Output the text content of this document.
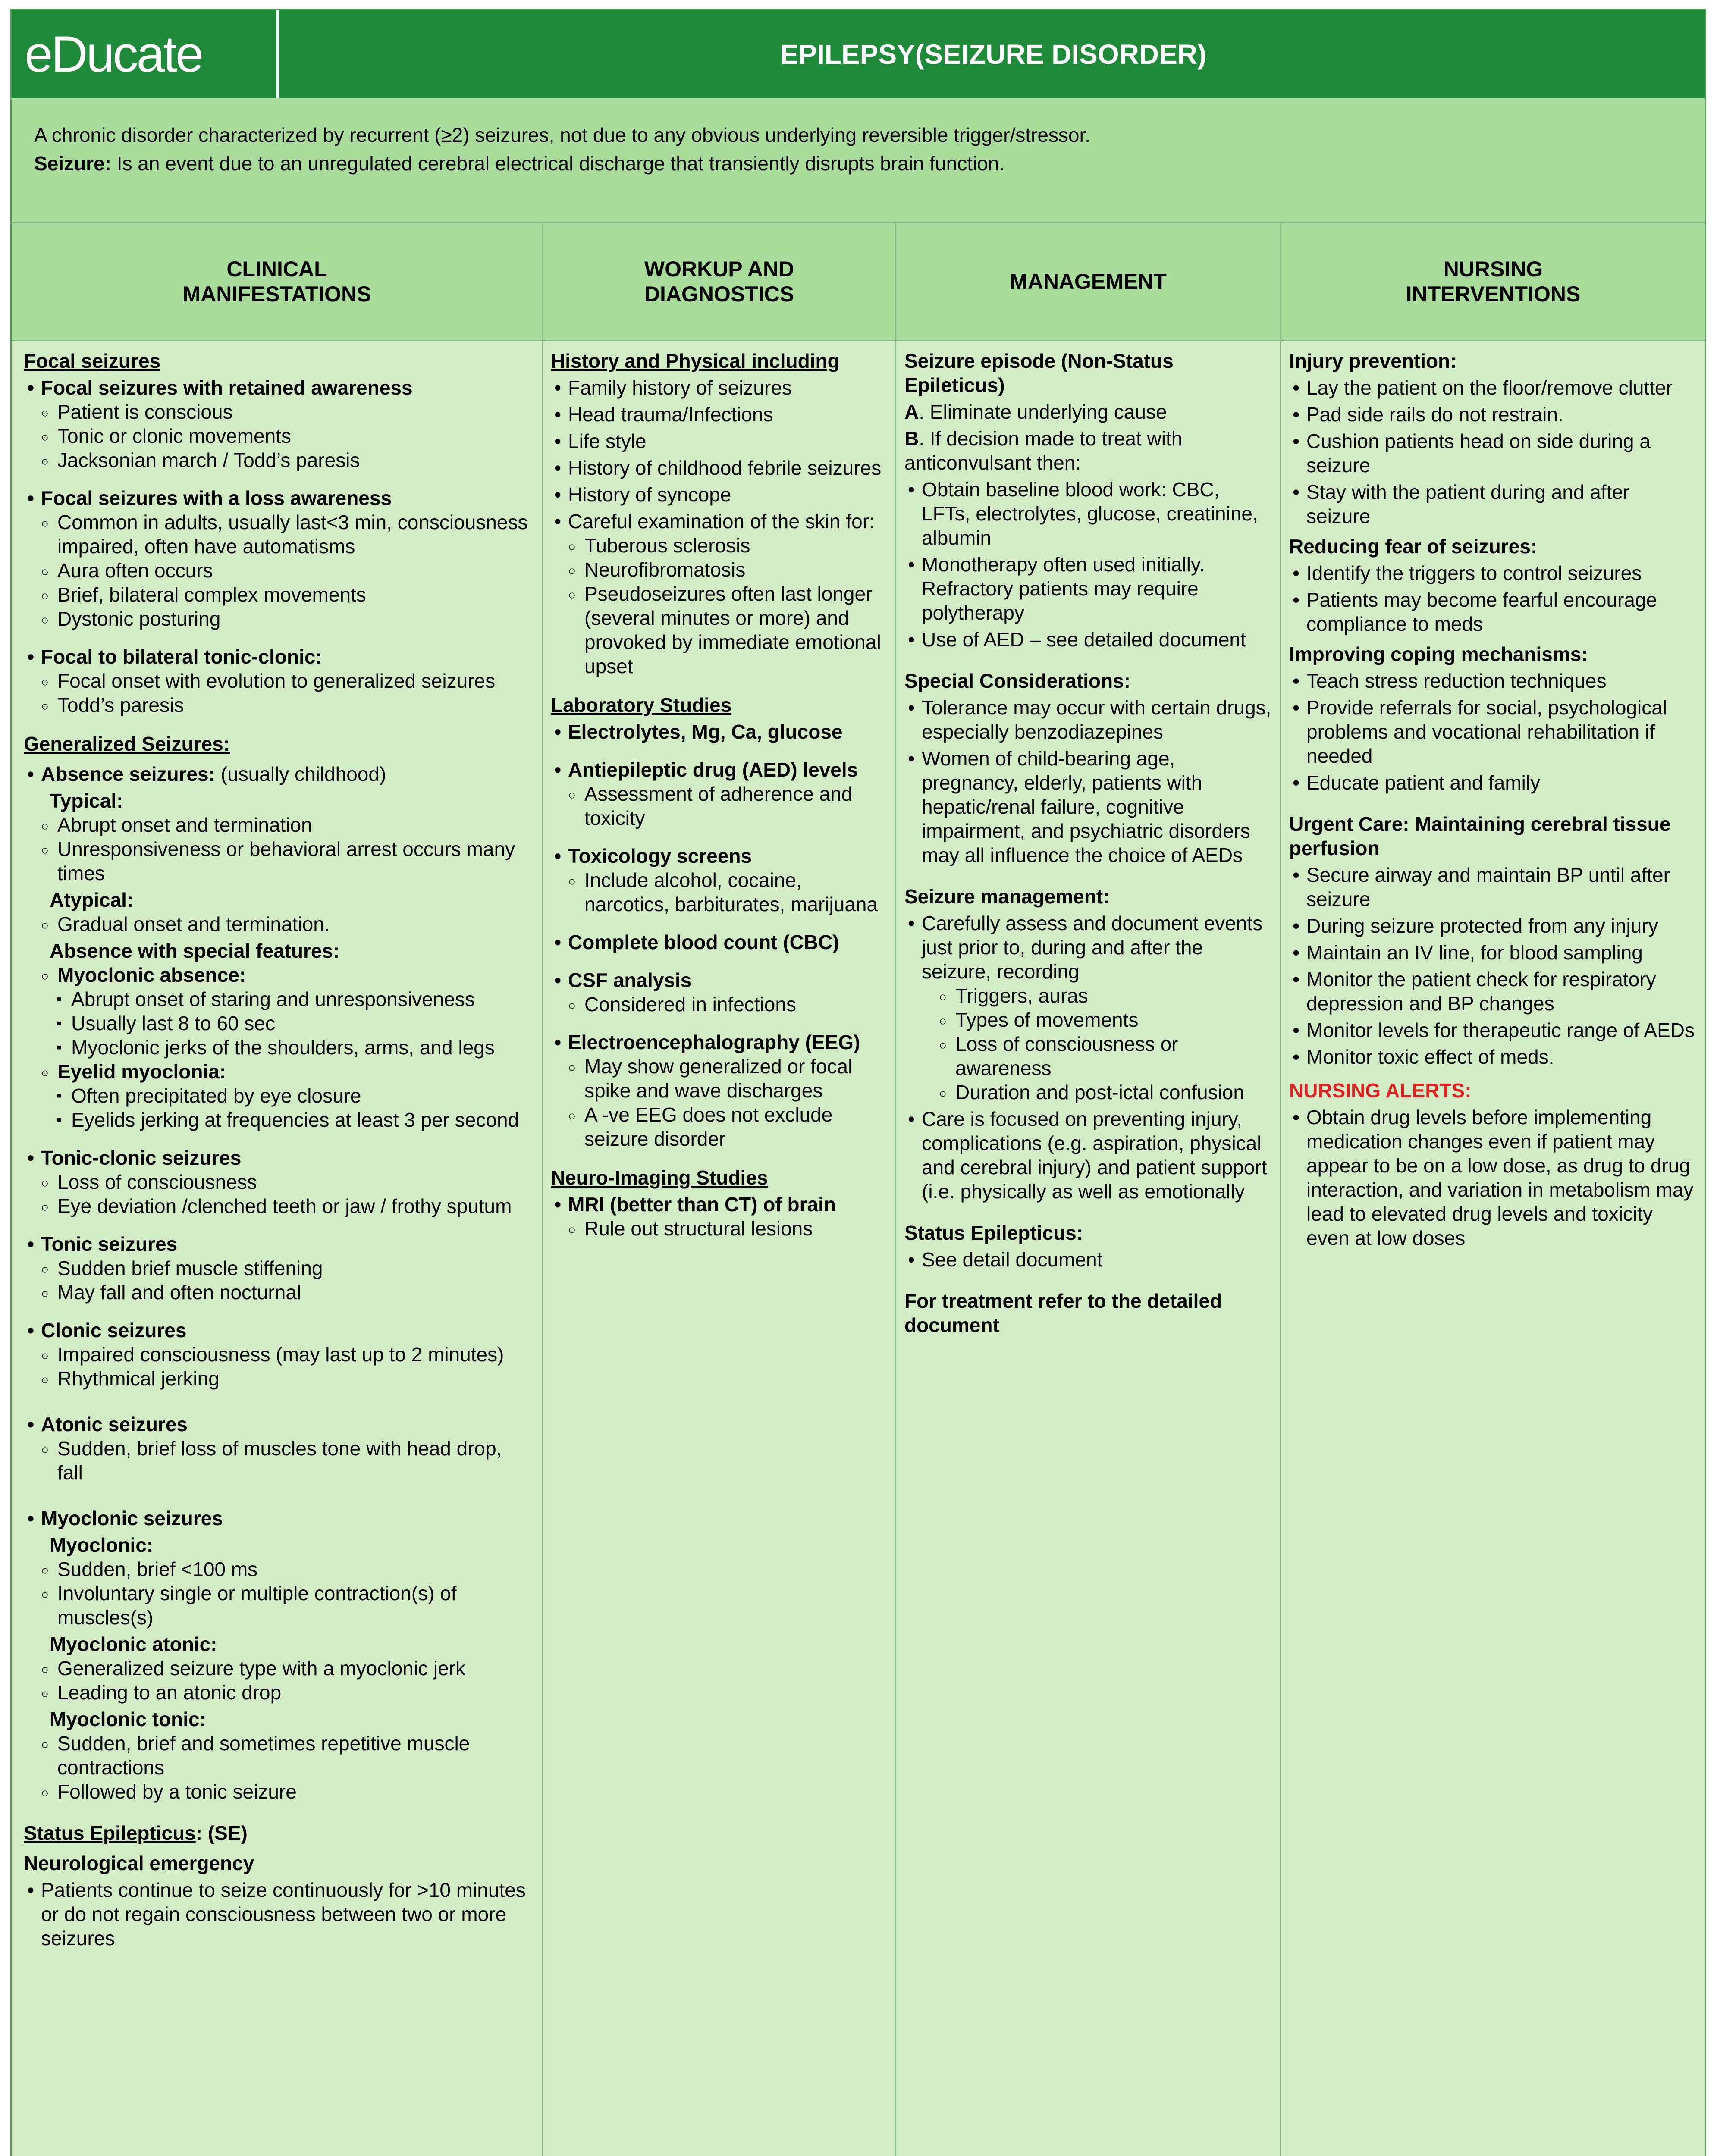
eDucate	EPILEPSY(SEIZURE DISORDER)
A chronic disorder characterized by recurrent (≥2) seizures, not due to any obvious underlying reversible trigger/stressor.
Seizure: Is an event due to an unregulated cerebral electrical discharge that transiently disrupts brain function.
CLINICAL
MANIFESTATIONS
WORKUP AND
DIAGNOSTICS
MANAGEMENT
NURSING
INTERVENTIONS
Focal seizures
• Focal seizures with retained awareness
○ Patient is conscious
○ Tonic or clonic movements
○ Jacksonian march / Todd’s paresis
• Focal seizures with a loss awareness
○ Common in adults, usually last<3 min, consciousness impaired, often have automatisms
○ Aura often occurs
○ Brief, bilateral complex movements
○ Dystonic posturing
• Focal to bilateral tonic-clonic:
○ Focal onset with evolution to generalized seizures
○ Todd’s paresis
Generalized Seizures:
• Absence seizures: (usually childhood)
Typical:
○ Abrupt onset and termination
○ Unresponsiveness or behavioral arrest occurs many times
Atypical:
○ Gradual onset and termination.
Absence with special features:
○ Myoclonic absence:
▪ Abrupt onset of staring and unresponsiveness
▪ Usually last 8 to 60 sec
▪ Myoclonic jerks of the shoulders, arms, and legs
○ Eyelid myoclonia:
▪ Often precipitated by eye closure
▪ Eyelids jerking at frequencies at least 3 per second
• Tonic-clonic seizures
○ Loss of consciousness
○ Eye deviation /clenched teeth or jaw / frothy sputum
• Tonic seizures
○ Sudden brief muscle stiffening
○ May fall and often nocturnal
• Clonic seizures
○ Impaired consciousness (may last up to 2 minutes)
○ Rhythmical jerking
• Atonic seizures
○ Sudden, brief loss of muscles tone with head drop, fall
• Myoclonic seizures
Myoclonic:
○ Sudden, brief <100 ms
○ Involuntary single or multiple contraction(s) of muscles(s)
Myoclonic atonic:
○ Generalized seizure type with a myoclonic jerk
○ Leading to an atonic drop
Myoclonic tonic:
○ Sudden, brief and sometimes repetitive muscle contractions
○ Followed by a tonic seizure
Status Epilepticus: (SE)
Neurological emergency
• Patients continue to seize continuously for >10 minutes or do not regain consciousness between two or more seizures
History and Physical including
• Family history of seizures
• Head trauma/Infections
• Life style
• History of childhood febrile seizures
• History of syncope
• Careful examination of the skin for:
○ Tuberous sclerosis
○ Neurofibromatosis
○ Pseudoseizures often last longer (several minutes or more) and provoked by immediate emotional upset
Laboratory Studies
• Electrolytes, Mg, Ca, glucose
• Antiepileptic drug (AED) levels
○ Assessment of adherence and toxicity
• Toxicology screens
○ Include alcohol, cocaine, narcotics, barbiturates, marijuana
• Complete blood count (CBC)
• CSF analysis
○ Considered in infections
• Electroencephalography (EEG)
○ May show generalized or focal spike and wave discharges
○ A -ve EEG does not exclude seizure disorder
Neuro-Imaging Studies
• MRI (better than CT) of brain
○ Rule out structural lesions
Seizure episode (Non-Status Epileticus)
A. Eliminate underlying cause
B. If decision made to treat with anticonvulsant then:
• Obtain baseline blood work: CBC, LFTs, electrolytes, glucose, creatinine, albumin
• Monotherapy often used initially. Refractory patients may require polytherapy
• Use of AED – see detailed document
Special Considerations:
• Tolerance may occur with certain drugs, especially benzodiazepines
• Women of child-bearing age, pregnancy, elderly, patients with hepatic/renal failure, cognitive impairment, and psychiatric disorders may all influence the choice of AEDs
Seizure management:
• Carefully assess and document events just prior to, during and after the seizure, recording
○ Triggers, auras
○ Types of movements
○ Loss of consciousness or awareness
○ Duration and post-ictal confusion
• Care is focused on preventing injury, complications (e.g. aspiration, physical and cerebral injury) and patient support (i.e. physically as well as emotionally
Status Epilepticus:
• See detail document
For treatment refer to the detailed document
Injury prevention:
• Lay the patient on the floor/remove clutter
• Pad side rails do not restrain.
• Cushion patients head on side during a seizure
• Stay with the patient during and after seizure
Reducing fear of seizures:
• Identify the triggers to control seizures
• Patients may become fearful encourage compliance to meds
Improving coping mechanisms:
• Teach stress reduction techniques
• Provide referrals for social, psychological problems and vocational rehabilitation if needed
• Educate patient and family
Urgent Care: Maintaining cerebral tissue perfusion
• Secure airway and maintain BP until after seizure
• During seizure protected from any injury
• Maintain an IV line, for blood sampling
• Monitor the patient check for respiratory depression and BP changes
• Monitor levels for therapeutic range of AEDs
• Monitor toxic effect of meds.
NURSING ALERTS:
• Obtain drug levels before implementing medication changes even if patient may appear to be on a low dose, as drug to drug interaction, and variation in metabolism may lead to elevated drug levels and toxicity even at low doses
